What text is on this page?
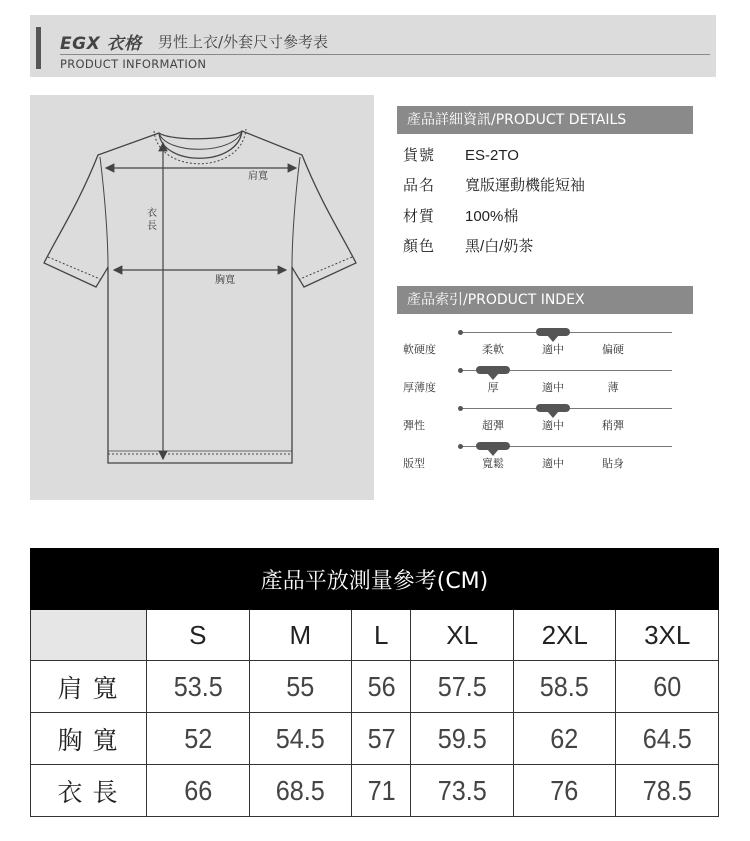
EGX 衣格 男性上衣/外套尺寸參考表
PRODUCT INFORMATION
肩寬
胸寬
衣
長
產品詳細資訊/PRODUCT DETAILS
貨號 ES-2TO
品名 寬版運動機能短袖
材質 100%棉
顏色 黑/白/奶茶
產品索引/PRODUCT INDEX
軟硬度	柔軟	適中	偏硬
厚薄度	厚	適中	薄
彈性	超彈	適中	稍彈
版型	寬鬆	適中	貼身
產品平放測量參考(CM)						
	S	M	L	XL	2XL	3XL
肩寬	53.5	55	56	57.5	58.5	60
胸寬	52	54.5	57	59.5	62	64.5
衣長	66	68.5	71	73.5	76	78.5
